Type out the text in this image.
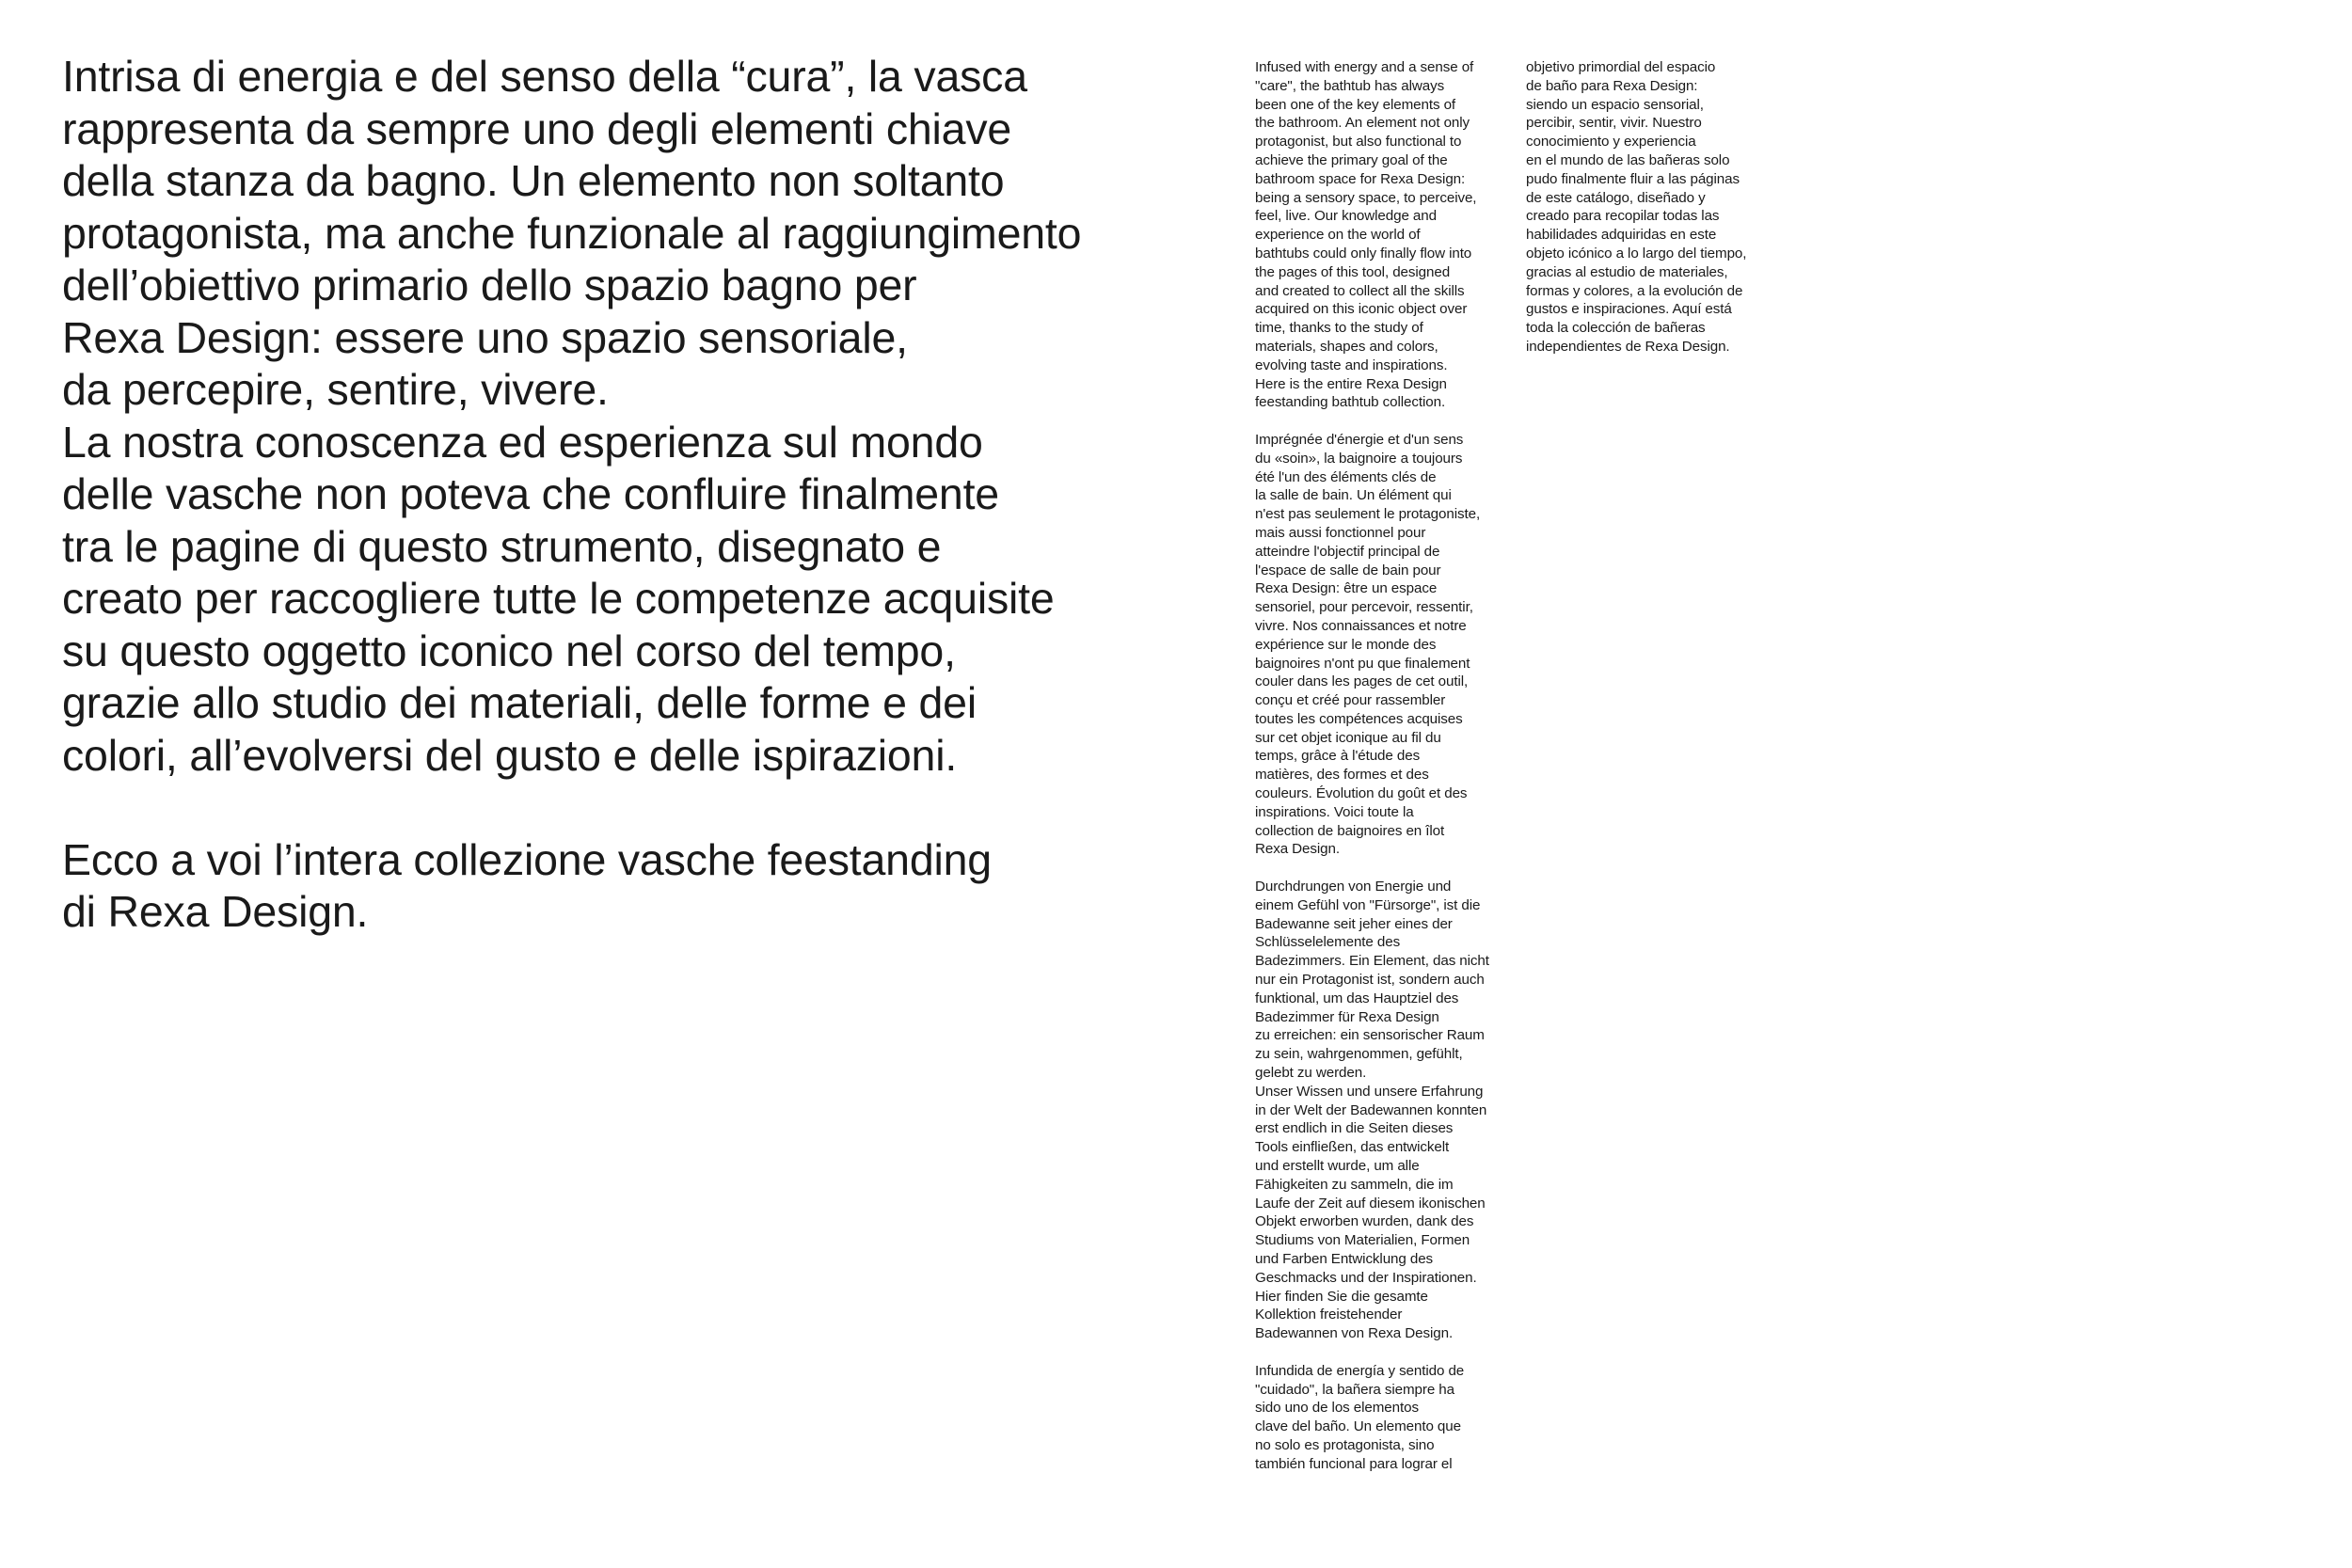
Intrisa di energia e del senso della “cura”, la vasca
rappresenta da sempre uno degli elementi chiave
della stanza da bagno. Un elemento non soltanto
protagonista, ma anche funzionale al raggiungimento
dell’obiettivo primario dello spazio bagno per
Rexa Design: essere uno spazio sensoriale,
da percepire, sentire, vivere.
La nostra conoscenza ed esperienza sul mondo
delle vasche non poteva che confluire finalmente
tra le pagine di questo strumento, disegnato e
creato per raccogliere tutte le competenze acquisite
su questo oggetto iconico nel corso del tempo,
grazie allo studio dei materiali, delle forme e dei
colori, all’evolversi del gusto e delle ispirazioni.

Ecco a voi l’intera collezione vasche feestanding
di Rexa Design.

Infused with energy and a sense of
"care", the bathtub has always
been one of the key elements of
the bathroom. An element not only
protagonist, but also functional to
achieve the primary goal of the
bathroom space for Rexa Design:
being a sensory space, to perceive,
feel, live. Our knowledge and
experience on the world of
bathtubs could only finally flow into
the pages of this tool, designed
and created to collect all the skills
acquired on this iconic object over
time, thanks to the study of
materials, shapes and colors,
evolving taste and inspirations.
Here is the entire Rexa Design
feestanding bathtub collection.

Imprégnée d'énergie et d'un sens
du «soin», la baignoire a toujours
été l'un des éléments clés de
la salle de bain. Un élément qui
n'est pas seulement le protagoniste,
mais aussi fonctionnel pour
atteindre l'objectif principal de
l'espace de salle de bain pour
Rexa Design: être un espace
sensoriel, pour percevoir, ressentir,
vivre. Nos connaissances et notre
expérience sur le monde des
baignoires n'ont pu que finalement
couler dans les pages de cet outil,
conçu et créé pour rassembler
toutes les compétences acquises
sur cet objet iconique au fil du
temps, grâce à l'étude des
matières, des formes et des
couleurs. Évolution du goût et des
inspirations. Voici toute la
collection de baignoires en îlot
Rexa Design.

Durchdrungen von Energie und
einem Gefühl von "Fürsorge", ist die
Badewanne seit jeher eines der
Schlüsselelemente des
Badezimmers. Ein Element, das nicht
nur ein Protagonist ist, sondern auch
funktional, um das Hauptziel des
Badezimmer für Rexa Design
zu erreichen: ein sensorischer Raum
zu sein, wahrgenommen, gefühlt,
gelebt zu werden.
Unser Wissen und unsere Erfahrung
in der Welt der Badewannen konnten
erst endlich in die Seiten dieses
Tools einfließen, das entwickelt
und erstellt wurde, um alle
Fähigkeiten zu sammeln, die im
Laufe der Zeit auf diesem ikonischen
Objekt erworben wurden, dank des
Studiums von Materialien, Formen
und Farben Entwicklung des
Geschmacks und der Inspirationen.
Hier finden Sie die gesamte
Kollektion freistehender
Badewannen von Rexa Design.

Infundida de energía y sentido de
"cuidado", la bañera siempre ha
sido uno de los elementos
clave del baño. Un elemento que
no solo es protagonista, sino
también funcional para lograr el

objetivo primordial del espacio
de baño para Rexa Design:
siendo un espacio sensorial,
percibir, sentir, vivir. Nuestro
conocimiento y experiencia
en el mundo de las bañeras solo
pudo finalmente fluir a las páginas
de este catálogo, diseñado y
creado para recopilar todas las
habilidades adquiridas en este
objeto icónico a lo largo del tiempo,
gracias al estudio de materiales,
formas y colores, a la evolución de
gustos e inspiraciones. Aquí está
toda la colección de bañeras
independientes de Rexa Design.
